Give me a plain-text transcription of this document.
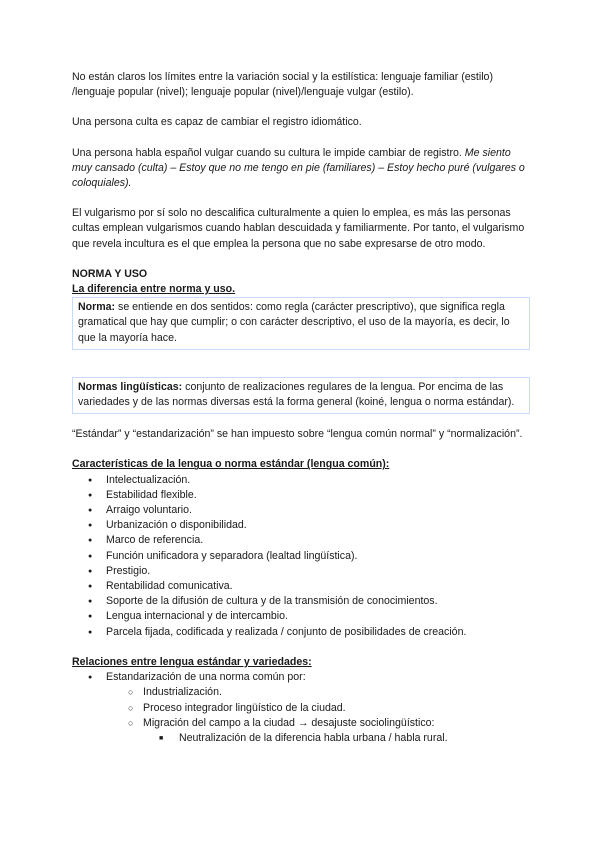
No están claros los límites entre la variación social y la estilística: lenguaje familiar (estilo) /lenguaje popular (nivel); lenguaje popular (nivel)/lenguaje vulgar (estilo).

Una persona culta es capaz de cambiar el registro idiomático.

Una persona habla español vulgar cuando su cultura le impide cambiar de registro. Me siento muy cansado (culta) – Estoy que no me tengo en pie (familiares) – Estoy hecho puré (vulgares o coloquiales).

El vulgarismo por sí solo no descalifica culturalmente a quien lo emplea, es más las personas cultas emplean vulgarismos cuando hablan descuidada y familiarmente. Por tanto, el vulgarismo que revela incultura es el que emplea la persona que no sabe expresarse de otro modo.

NORMA Y USO

La diferencia entre norma y uso.

Norma: se entiende en dos sentidos: como regla (carácter prescriptivo), que significa regla gramatical que hay que cumplir; o con carácter descriptivo, el uso de la mayoría, es decir, lo que la mayoría hace.

Normas lingüísticas: conjunto de realizaciones regulares de la lengua. Por encima de las variedades y de las normas diversas está la forma general (koiné, lengua o norma estándar).

“Estándar” y “estandarización” se han impuesto sobre “lengua común normal” y “normalización”.

Características de la lengua o norma estándar (lengua común):

● Intelectualización.
● Estabilidad flexible.
● Arraigo voluntario.
● Urbanización o disponibilidad.
● Marco de referencia.
● Función unificadora y separadora (lealtad lingüística).
● Prestigio.
● Rentabilidad comunicativa.
● Soporte de la difusión de cultura y de la transmisión de conocimientos.
● Lengua internacional y de intercambio.
● Parcela fijada, codificada y realizada / conjunto de posibilidades de creación.

Relaciones entre lengua estándar y variedades:

● Estandarización de una norma común por:
○ Industrialización.
○ Proceso integrador lingüístico de la ciudad.
○ Migración del campo a la ciudad → desajuste sociolingüístico:
■ Neutralización de la diferencia habla urbana / habla rural.
